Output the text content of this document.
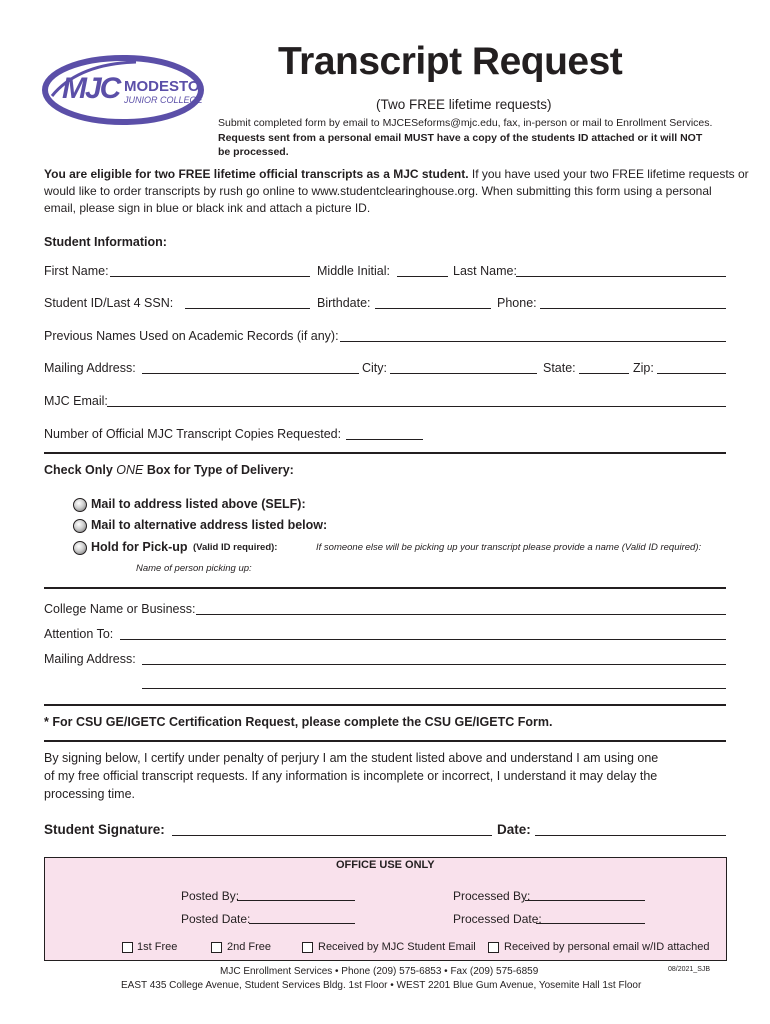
MJC MODESTO
JUNIOR COLLEGE
Transcript Request
(Two FREE lifetime requests)
Submit completed form by email to MJCESeforms@mjc.edu, fax, in-person or mail to Enrollment Services.
Requests sent from a personal email MUST have a copy of the students ID attached or it will NOT
be processed.
You are eligible for two FREE lifetime official transcripts as a MJC student. If you have used your two FREE lifetime requests or
would like to order transcripts by rush go online to www.studentclearinghouse.org. When submitting this form using a personal
email, please sign in blue or black ink and attach a picture ID.
Student Information:
First Name:	Middle Initial:	Last Name:
Student ID/Last 4 SSN:	Birthdate:	Phone:
Previous Names Used on Academic Records (if any):
Mailing Address:	City:	State:	Zip:
MJC Email:
Number of Official MJC Transcript Copies Requested:
Check Only ONE Box for Type of Delivery:
Mail to address listed above (SELF):
Mail to alternative address listed below:
Hold for Pick-up (Valid ID required):	If someone else will be picking up your transcript please provide a name (Valid ID required):
Name of person picking up:
College Name or Business:
Attention To:
Mailing Address:
* For CSU GE/IGETC Certification Request, please complete the CSU GE/IGETC Form.
By signing below, I certify under penalty of perjury I am the student listed above and understand I am using one
of my free official transcript requests. If any information is incomplete or incorrect, I understand it may delay the
processing time.
Student Signature:	Date:
OFFICE USE ONLY
Posted By:
Posted Date:
Processed By:
Processed Date:
1st Free	2nd Free	Received by MJC Student Email	Received by personal email w/ID attached
MJC Enrollment Services • Phone (209) 575-6853 • Fax (209) 575-6859	08/2021_SJB
EAST 435 College Avenue, Student Services Bldg. 1st Floor • WEST 2201 Blue Gum Avenue, Yosemite Hall 1st Floor
